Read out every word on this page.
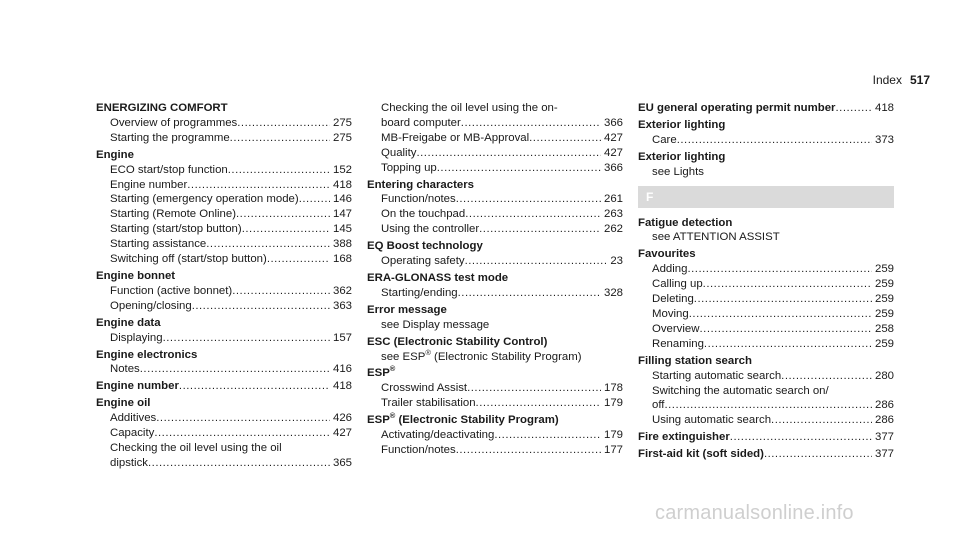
Index 517
ENERGIZING COMFORT
Overview of programmes .....	275
Starting the programme .....	275
Engine
ECO start/stop function .....	152
Engine number .....	418
Starting (emergency operation mode) .....	146
Starting (Remote Online) .....	147
Starting (start/stop button) .....	145
Starting assistance .....	388
Switching off (start/stop button) .....	168
Engine bonnet
Function (active bonnet) .....	362
Opening/closing .....	363
Engine data
Displaying .....	157
Engine electronics
Notes .....	416
Engine number .....	418
Engine oil
Additives .....	426
Capacity .....	427
Checking the oil level using the oil
dipstick .....	365
Checking the oil level using the on-
board computer .....	366
MB-Freigabe or MB-Approval .....	427
Quality .....	427
Topping up .....	366
Entering characters
Function/notes .....	261
On the touchpad .....	263
Using the controller .....	262
EQ Boost technology
Operating safety .....	23
ERA-GLONASS test mode
Starting/ending .....	328
Error message
see Display message
ESC (Electronic Stability Control)
see ESP® (Electronic Stability Program)
ESP®
Crosswind Assist .....	178
Trailer stabilisation .....	179
ESP® (Electronic Stability Program)
Activating/deactivating .....	179
Function/notes .....	177
EU general operating permit number .....	418
Exterior lighting
Care .....	373
Exterior lighting
see Lights
F
Fatigue detection
see ATTENTION ASSIST
Favourites
Adding .....	259
Calling up .....	259
Deleting .....	259
Moving .....	259
Overview .....	258
Renaming .....	259
Filling station search
Starting automatic search .....	280
Switching the automatic search on/
off .....	286
Using automatic search .....	286
Fire extinguisher .....	377
First-aid kit (soft sided) .....	377
carmanualsonline.info
